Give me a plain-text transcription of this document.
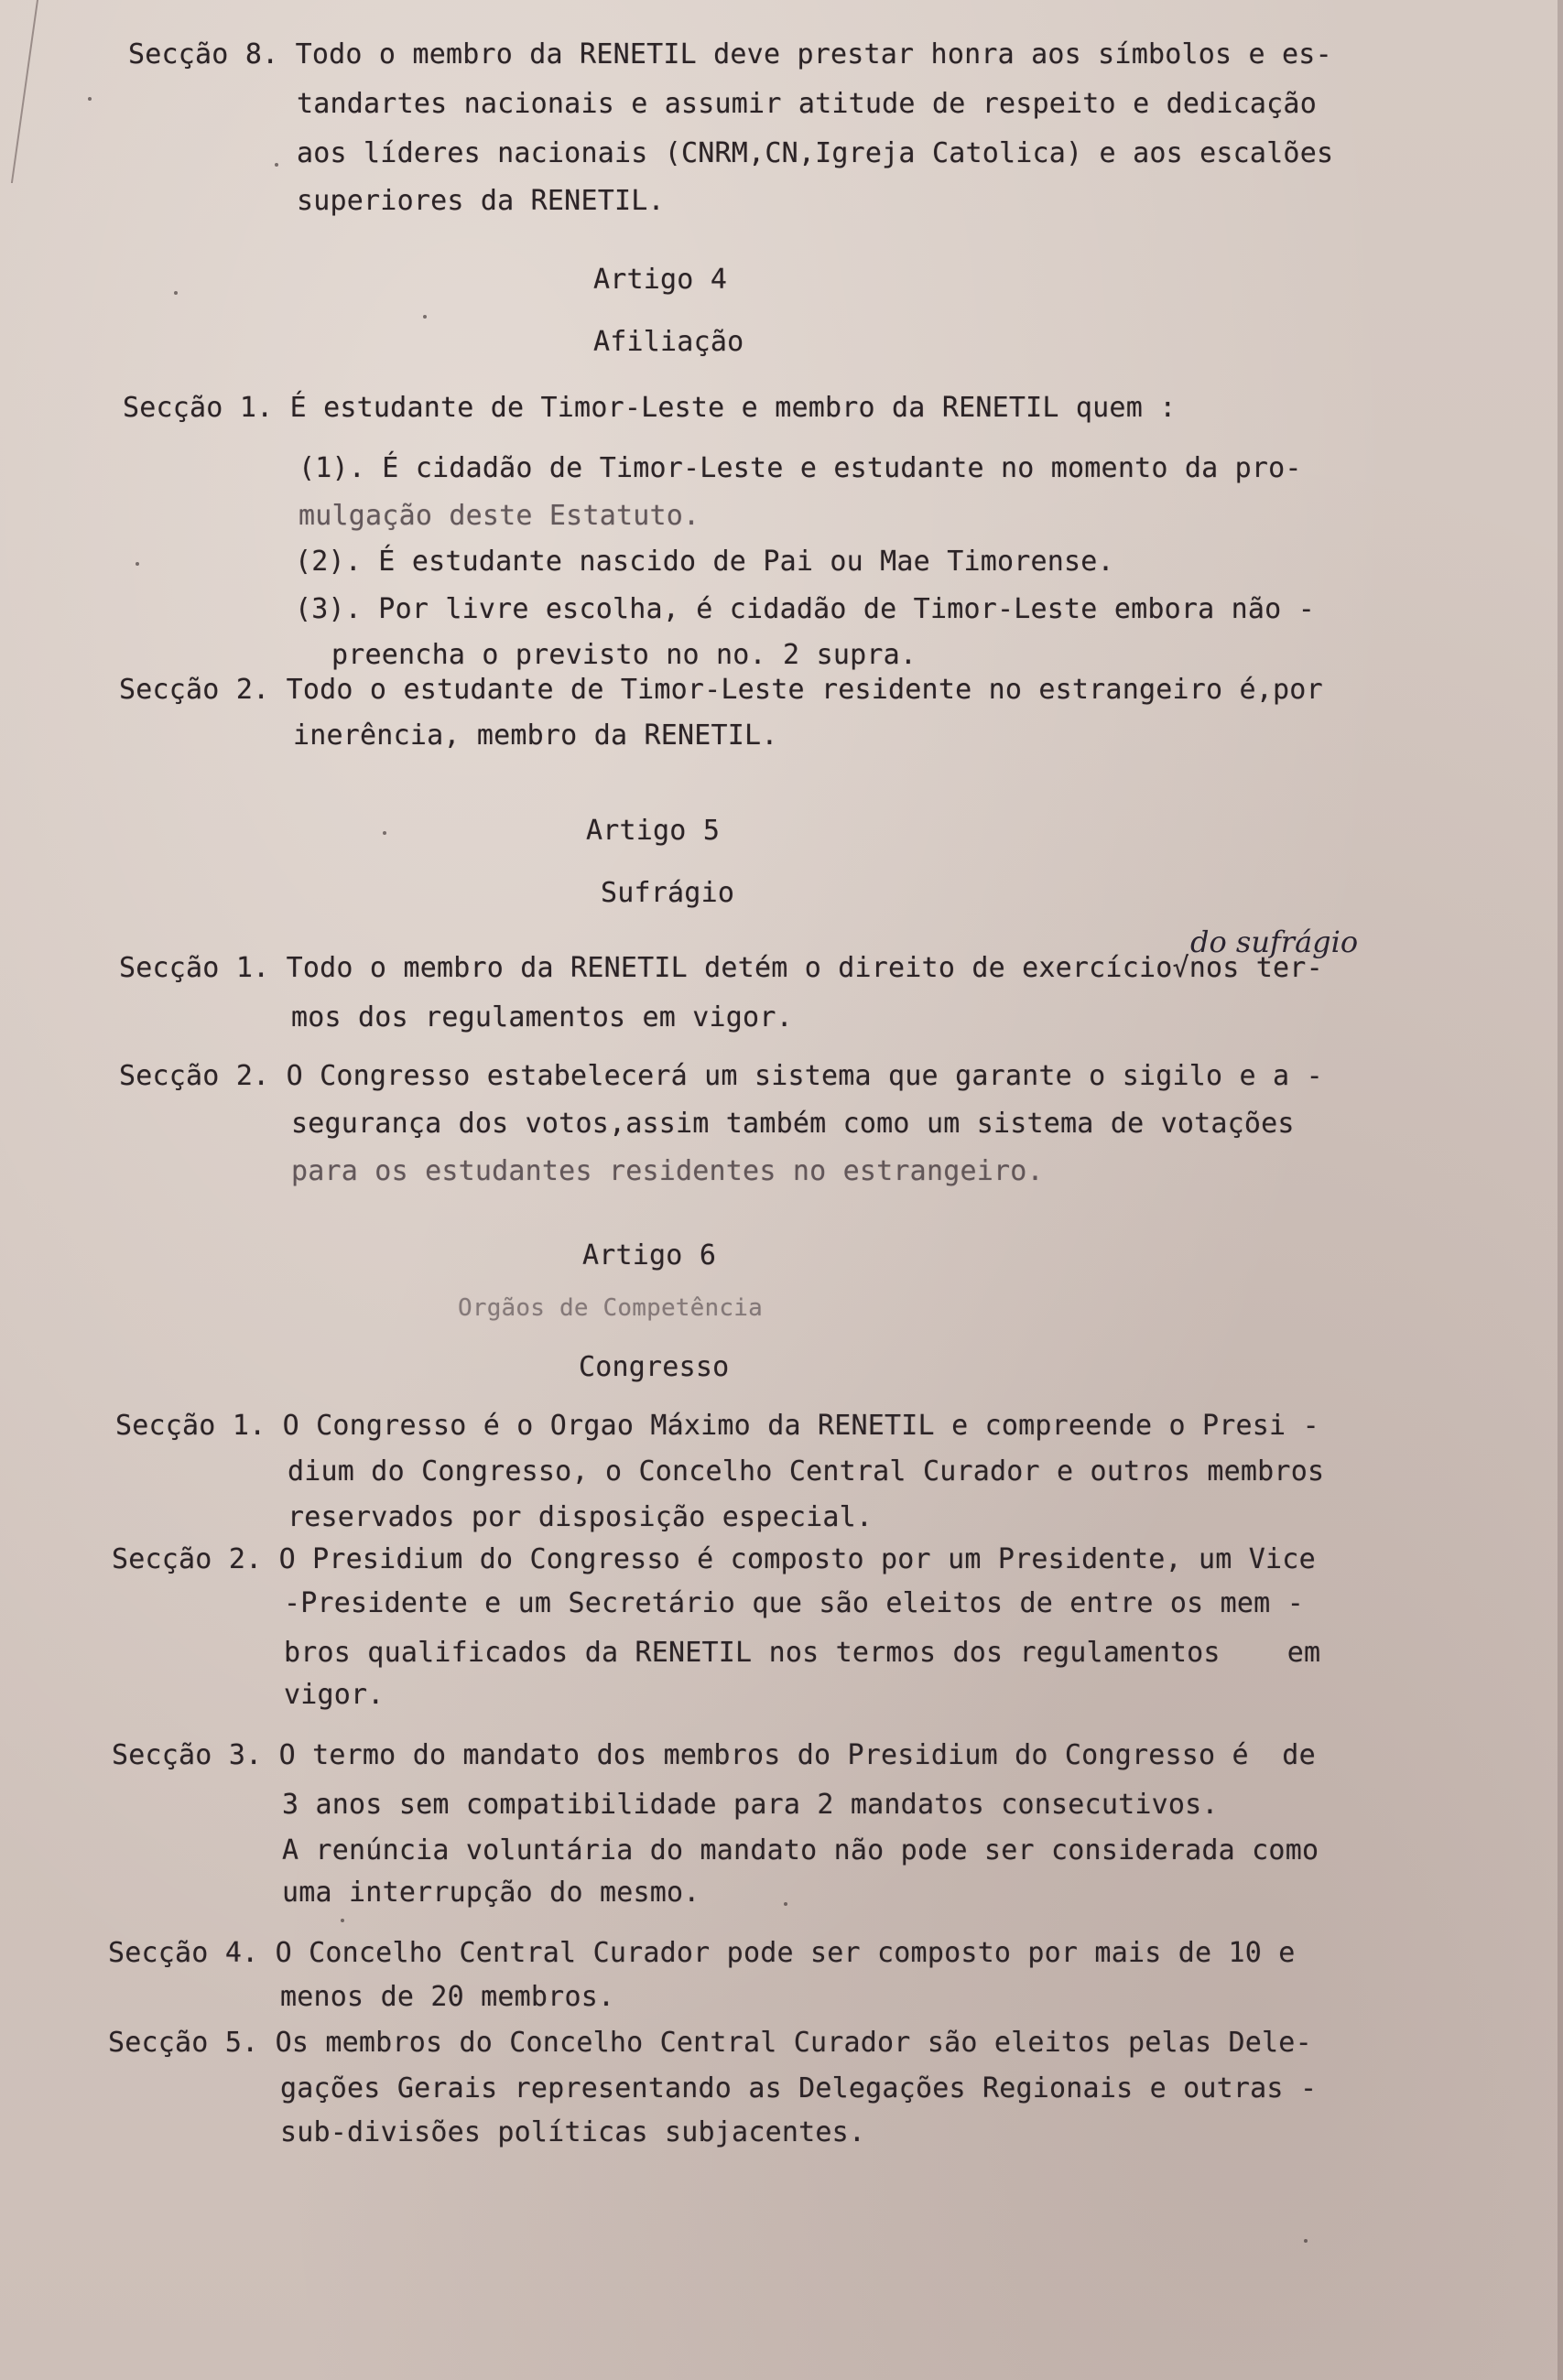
Secção 8. Todo o membro da RENETIL deve prestar honra aos símbolos e es-
tandartes nacionais e assumir atitude de respeito e dedicação
aos líderes nacionais (CNRM,CN,Igreja Catolica) e aos escalões
superiores da RENETIL.
Artigo 4
Afiliação
Secção 1. É estudante de Timor-Leste e membro da RENETIL quem :
(1). É cidadão de Timor-Leste e estudante no momento da pro-
mulgação deste Estatuto.
(2). É estudante nascido de Pai ou Mae Timorense.
(3). Por livre escolha, é cidadão de Timor-Leste embora não -
preencha o previsto no no. 2 supra.
Secção 2. Todo o estudante de Timor-Leste residente no estrangeiro é,por
inerência, membro da RENETIL.
Artigo 5
Sufrágio
do sufrágio
Secção 1. Todo o membro da RENETIL detém o direito de exercício√nos ter-
mos dos regulamentos em vigor.
Secção 2. O Congresso estabelecerá um sistema que garante o sigilo e a -
segurança dos votos,assim também como um sistema de votações
para os estudantes residentes no estrangeiro.
Artigo 6
Orgãos de Competência
Congresso
Secção 1. O Congresso é o Orgao Máximo da RENETIL e compreende o Presi -
dium do Congresso, o Concelho Central Curador e outros membros
reservados por disposição especial.
Secção 2. O Presidium do Congresso é composto por um Presidente, um Vice
-Presidente e um Secretário que são eleitos de entre os mem -
bros qualificados da RENETIL nos termos dos regulamentos    em
vigor.
Secção 3. O termo do mandato dos membros do Presidium do Congresso é  de
3 anos sem compatibilidade para 2 mandatos consecutivos.
A renúncia voluntária do mandato não pode ser considerada como
uma interrupção do mesmo.
Secção 4. O Concelho Central Curador pode ser composto por mais de 10 e
menos de 20 membros.
Secção 5. Os membros do Concelho Central Curador são eleitos pelas Dele-
gações Gerais representando as Delegações Regionais e outras -
sub-divisões políticas subjacentes.
